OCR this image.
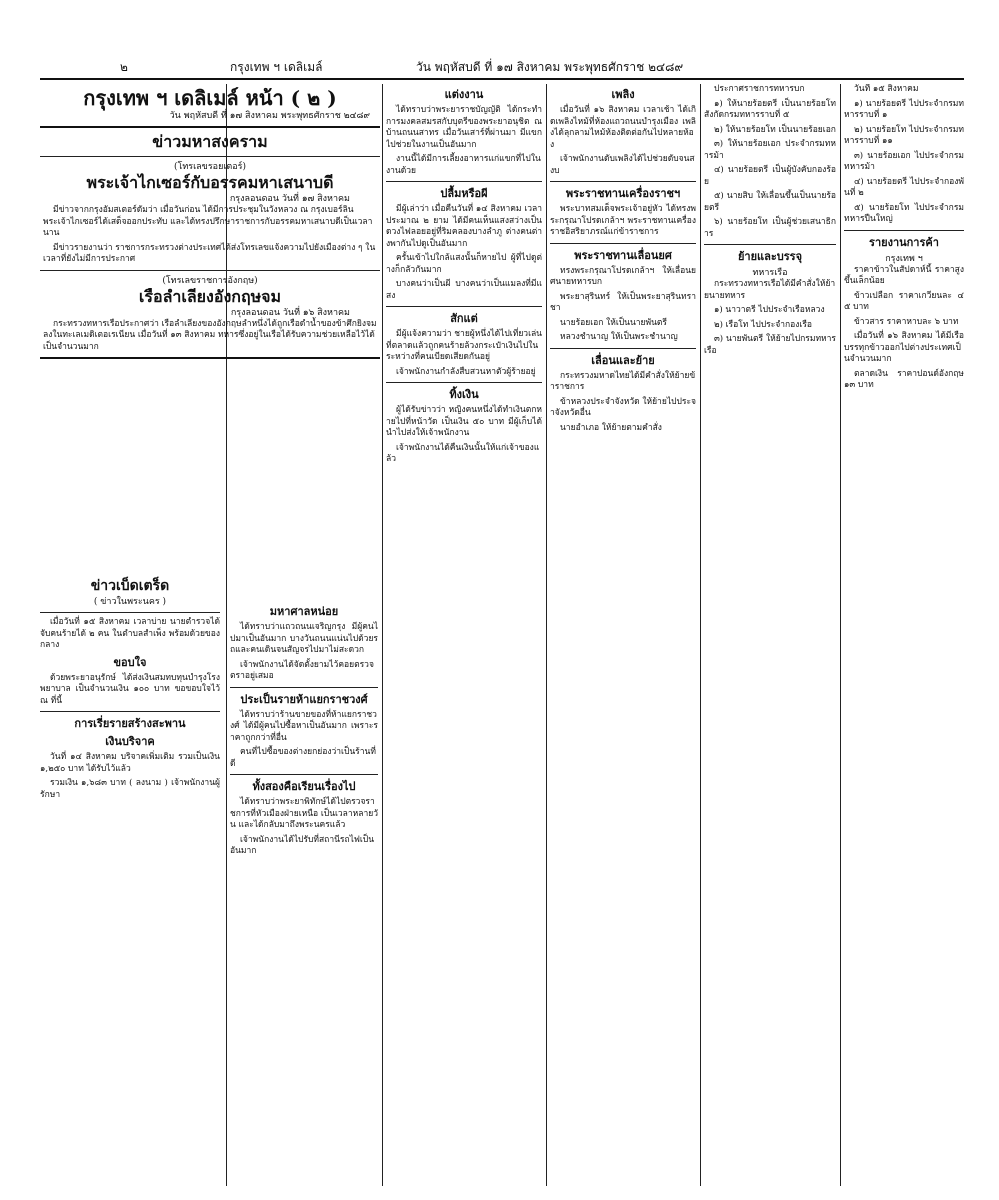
๒	กรุงเทพ ฯ เดลิเมล์	วัน พฤหัสบดี ที่ ๑๗ สิงหาคม พระพุทธศักราช ๒๔๘๙
กรุงเทพ ฯ เดลิเมล์ หน้า ( ๒ )
วัน พฤหัสบดี ที่ ๑๗ สิงหาคม พระพุทธศักราช ๒๔๘๙
ข่าวมหาสงคราม
(โทรเลขรอยเตอร์)
พระเจ้าไกเซอร์กับอรรคมหาเสนาบดี
กรุงลอนดอน วันที่ ๑๗ สิงหาคม

มีข่าวจากกรุงอัมสเตอร์ดัมว่า เมื่อวันก่อน ได้มีการประชุมในวังหลวง ณ กรุงเบอร์ลิน พระเจ้าไกเซอร์ได้เสด็จออกประทับ และได้ทรงปรึกษาราชการกับอรรคมหาเสนาบดีเป็นเวลานาน

มีข่าวรายงานว่า ราชการกระทรวงต่างประเทศได้ส่งโทรเลขแจ้งความไปยังเมืองต่าง ๆ ในเวลาที่ยังไม่มีการประกาศ

(โทรเลขราชการอังกฤษ)
เรือลำเลียงอังกฤษจม
กรุงลอนดอน วันที่ ๑๖ สิงหาคม

กระทรวงทหารเรือประกาศว่า เรือลำเลียงของอังกฤษลำหนึ่งได้ถูกเรือดำน้ำของข้าศึกยิงจมลงในทะเลเมดิเตอเรเนียน เมื่อวันที่ ๑๓ สิงหาคม ทหารซึ่งอยู่ในเรือได้รับความช่วยเหลือไว้ได้เป็นจำนวนมาก

ข่าวเบ็ดเตร็ด
( ข่าวในพระนคร )

เมื่อวันที่ ๑๕ สิงหาคม เวลาบ่าย นายตำรวจได้จับคนร้ายได้ ๒ คน ในตำบลสำเพ็ง พร้อมด้วยของกลาง

ขอบใจ

ด้วยพระยาอนุรักษ์ ได้ส่งเงินสมทบทุนบำรุงโรงพยาบาล เป็นจำนวนเงิน ๑๐๐ บาท ขอขอบใจไว้ ณ ที่นี้

การเรี่ยรายสร้างสะพาน
เงินบริจาค

วันที่ ๑๔ สิงหาคม บริจาคเพิ่มเติม รวมเป็นเงิน ๑,๒๕๐ บาท ได้รับไว้แล้ว

รวมเงิน ๑,๖๘๓ บาท ( ลงนาม ) เจ้าพนักงานผู้รักษา

มหาศาลหน่อย

ได้ทราบว่าแถวถนนเจริญกรุง มีผู้คนไปมาเป็นอันมาก บางวันถนนแน่นไปด้วยรถและคนเดินจนสัญจรไปมาไม่สะดวก

เจ้าพนักงานได้จัดตั้งยามไว้คอยตรวจตราอยู่เสมอ

ประเป็นรายห้าแยกราชวงศ์

ได้ทราบว่าร้านขายของที่ห้าแยกราชวงศ์ ได้มีผู้คนไปซื้อหาเป็นอันมาก เพราะราคาถูกกว่าที่อื่น

คนที่ไปซื้อของต่างยกย่องว่าเป็นร้านที่ดี

ทั้งสองคือเรียนเรื่องไป

ได้ทราบว่าพระยาพิทักษ์ได้ไปตรวจราชการที่หัวเมืองฝ่ายเหนือ เป็นเวลาหลายวัน และได้กลับมาถึงพระนครแล้ว

เจ้าพนักงานได้ไปรับที่สถานีรถไฟเป็นอันมาก

แต่งงาน

ได้ทราบว่าพระยาราชบัญญัติ ได้กระทำการมงคลสมรสกับบุตรีของพระยาอนุชิต ณ บ้านถนนสาทร เมื่อวันเสาร์ที่ผ่านมา มีแขกไปช่วยในงานเป็นอันมาก

งานนี้ได้มีการเลี้ยงอาหารแก่แขกที่ไปในงานด้วย

ปลื้มหรือผี

มีผู้เล่าว่า เมื่อคืนวันที่ ๑๔ สิงหาคม เวลาประมาณ ๒ ยาม ได้มีคนเห็นแสงสว่างเป็นดวงไฟลอยอยู่ที่ริมคลองบางลำภู ต่างคนต่างพากันไปดูเป็นอันมาก

ครั้นเข้าไปใกล้แสงนั้นก็หายไป ผู้ที่ไปดูต่างก็กลัวกันมาก

บางคนว่าเป็นผี บางคนว่าเป็นแมลงที่มีแสง

สักแต่

มีผู้แจ้งความว่า ชายผู้หนึ่งได้ไปเที่ยวเล่นที่ตลาดแล้วถูกคนร้ายล้วงกระเป๋าเงินไปในระหว่างที่คนเบียดเสียดกันอยู่

เจ้าพนักงานกำลังสืบสวนหาตัวผู้ร้ายอยู่

ทิ้งเงิน

ผู้ได้รับข่าวว่า หญิงคนหนึ่งได้ทำเงินตกหายไปที่หน้าวัด เป็นเงิน ๕๐ บาท มีผู้เก็บได้นำไปส่งให้เจ้าพนักงาน

เจ้าพนักงานได้คืนเงินนั้นให้แก่เจ้าของแล้ว

เพลิง

เมื่อวันที่ ๑๖ สิงหาคม เวลาเช้า ได้เกิดเพลิงไหม้ที่ห้องแถวถนนบำรุงเมือง เพลิงได้ลุกลามไหม้ห้องติดต่อกันไปหลายห้อง

เจ้าพนักงานดับเพลิงได้ไปช่วยดับจนสงบ

พระราชทานเครื่องราชฯ

พระบาทสมเด็จพระเจ้าอยู่หัว ได้ทรงพระกรุณาโปรดเกล้าฯ พระราชทานเครื่องราชอิสริยาภรณ์แก่ข้าราชการ

พระราชทานเลื่อนยศ

ทรงพระกรุณาโปรดเกล้าฯ ให้เลื่อนยศนายทหารบก

พระยาสุรินทร์ ให้เป็นพระยาสุรินทราชา

นายร้อยเอก ให้เป็นนายพันตรี

หลวงชำนาญ ให้เป็นพระชำนาญ

เลื่อนและย้าย

กระทรวงมหาดไทยได้มีคำสั่งให้ย้ายข้าราชการ

ข้าหลวงประจำจังหวัด ให้ย้ายไปประจำจังหวัดอื่น

นายอำเภอ ให้ย้ายตามคำสั่ง

ประกาศราชการทหารบก

๑) ให้นายร้อยตรี เป็นนายร้อยโท สังกัดกรมทหารราบที่ ๕

๒) ให้นายร้อยโท เป็นนายร้อยเอก

๓) ให้นายร้อยเอก ประจำกรมทหารม้า

๔) นายร้อยตรี เป็นผู้บังคับกองร้อย

๕) นายสิบ ให้เลื่อนขึ้นเป็นนายร้อยตรี

๖) นายร้อยโท เป็นผู้ช่วยเสนาธิการ

ย้ายและบรรจุ
ทหารเรือ

กระทรวงทหารเรือได้มีคำสั่งให้ย้ายนายทหาร

๑) นาวาตรี ไปประจำเรือหลวง

๒) เรือโท ไปประจำกองเรือ

๓) นายพันตรี ให้ย้ายไปกรมทหารเรือ

วันที่ ๑๕ สิงหาคม

๑) นายร้อยตรี ไปประจำกรมทหารราบที่ ๑

๒) นายร้อยโท ไปประจำกรมทหารราบที่ ๑๑

๓) นายร้อยเอก ไปประจำกรมทหารม้า

๔) นายร้อยตรี ไปประจำกองพันที่ ๒

๕) นายร้อยโท ไปประจำกรมทหารปืนใหญ่

รายงานการค้า
กรุงเทพ ฯ

ราคาข้าวในสัปดาห์นี้ ราคาสูงขึ้นเล็กน้อย

ข้าวเปลือก ราคาเกวียนละ ๔๕ บาท

ข้าวสาร ราคาหาบละ ๖ บาท

เมื่อวันที่ ๑๖ สิงหาคม ได้มีเรือบรรทุกข้าวออกไปต่างประเทศเป็นจำนวนมาก

ตลาดเงิน ราคาปอนด์อังกฤษ ๑๓ บาท
